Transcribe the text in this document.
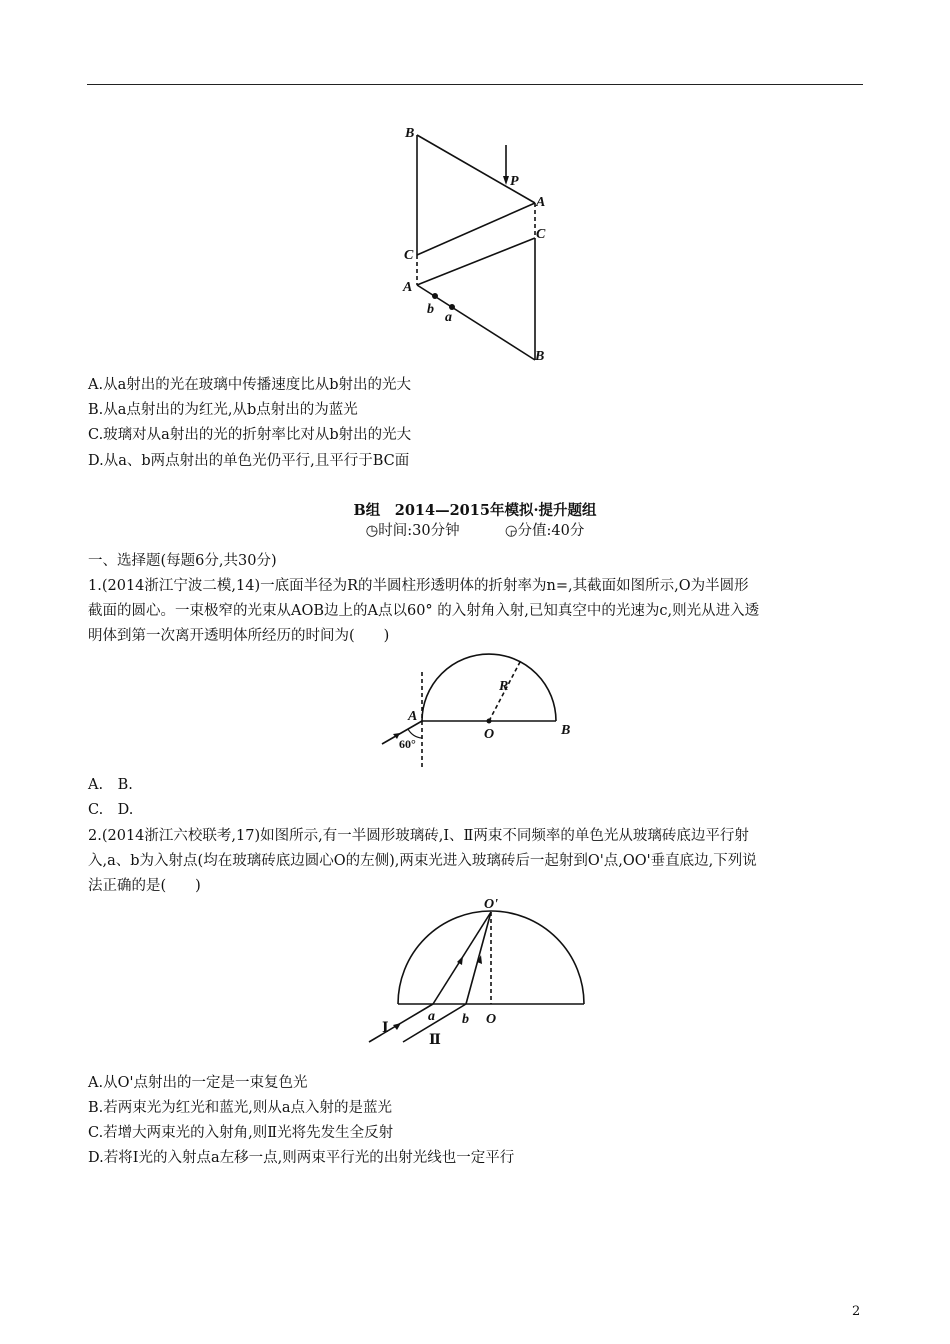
B
P
A
C
C
A
b
a
B
A.从a射出的光在玻璃中传播速度比从b射出的光大
B.从a点射出的为红光,从b点射出的为蓝光
C.玻璃对从a射出的光的折射率比对从b射出的光大
D.从a、b两点射出的单色光仍平行,且平行于BC面
B组　2014—2015年模拟·提升题组
◷时间:30分钟	◶分值:40分
一、选择题(每题6分,共30分)
1.(2014浙江宁波二模,14)一底面半径为R的半圆柱形透明体的折射率为n=,其截面如图所示,O为半圆形
截面的圆心。一束极窄的光束从AOB边上的A点以60° 的入射角入射,已知真空中的光速为c,则光从进入透
明体到第一次离开透明体所经历的时间为(　　)
R
A
O	B
60°
A.　B.
C.　D.
2.(2014浙江六校联考,17)如图所示,有一半圆形玻璃砖,Ⅰ、Ⅱ两束不同频率的单色光从玻璃砖底边平行射
入,a、b为入射点(均在玻璃砖底边圆心O的左侧),两束光进入玻璃砖后一起射到O'点,OO'垂直底边,下列说
法正确的是(　　)
O'
Ⅰ
a b O
Ⅱ
A.从O'点射出的一定是一束复色光
B.若两束光为红光和蓝光,则从a点入射的是蓝光
C.若增大两束光的入射角,则Ⅱ光将先发生全反射
D.若将Ⅰ光的入射点a左移一点,则两束平行光的出射光线也一定平行
2
